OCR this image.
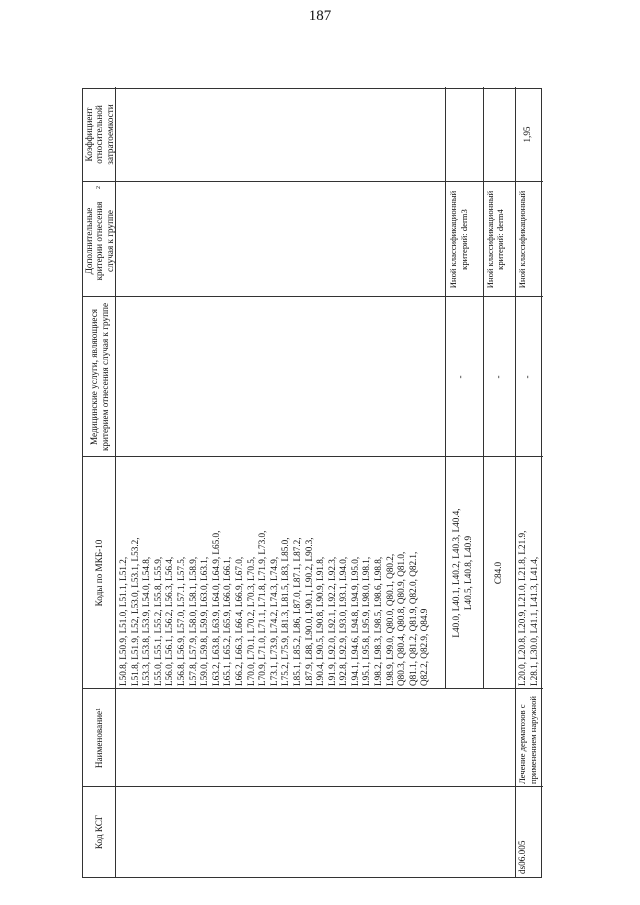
187
Код КСГ
Наименование
1
Коды по МКБ-10
Медицинские услуги, являющиеся критерием отнесения случая к группе
Дополнительные критерии отнесения случая к группе
2
Коэффициент относительной затратоемкости
L50.8, L50.9, L51.0, L51.1, L51.2, L51.8, L51.9, L52, L53.0, L53.1, L53.2, L53.3, L53.8, L53.9, L54.0, L54.8, L55.0, L55.1, L55.2, L55.8, L55.9, L56.0, L56.1, L56.2, L56.3, L56.4, L56.8, L56.9, L57.0, L57.1, L57.5, L57.8, L57.9, L58.0, L58.1, L58.9, L59.0, L59.8, L59.9, L63.0, L63.1, L63.2, L63.8, L63.9, L64.0, L64.9, L65.0, L65.1, L65.2, L65.9, L66.0, L66.1, L66.2, L66.3, L66.4, L66.9, L67.0, L70.0, L70.1, L70.2, L70.3, L70.5, L70.9, L71.0, L71.1, L71.8, L71.9, L73.0, L73.1, L73.9, L74.2, L74.3, L74.9, L75.2, L75.9, L81.3, L81.5, L83, L85.0, L85.1, L85.2, L86, L87.0, L87.1, L87.2, L87.9, L88, L90.0, L90.1, L90.2, L90.3, L90.4, L90.5, L90.8, L90.9, L91.8, L91.9, L92.0, L92.1, L92.2, L92.3, L92.8, L92.9, L93.0, L93.1, L94.0, L94.1, L94.6, L94.8, L94.9, L95.0, L95.1, L95.8, L95.9, L98.0, L98.1, L98.2, L98.3, L98.5, L98.6, L98.8, L98.9, L99.0, Q80.0, Q80.1, Q80.2, Q80.3, Q80.4, Q80.8, Q80.9, Q81.0, Q81.1, Q81.2, Q81.9, Q82.0, Q82.1, Q82.2, Q82.9, Q84.9
L40.0, L40.1, L40.2, L40.3, L40.4, L40.5, L40.8, L40.9
-
Иной классификационный критерий: derm3
C84.0
-
Иной классификационный критерий: derm4
ds06.005
Лечение дерматозов с применением наружной
L20.0, L20.8, L20.9, L21.0, L21.8, L21.9, L28.1, L30.0, L41.1, L41.3, L41.4,
-
Иной классификационный
1,95
